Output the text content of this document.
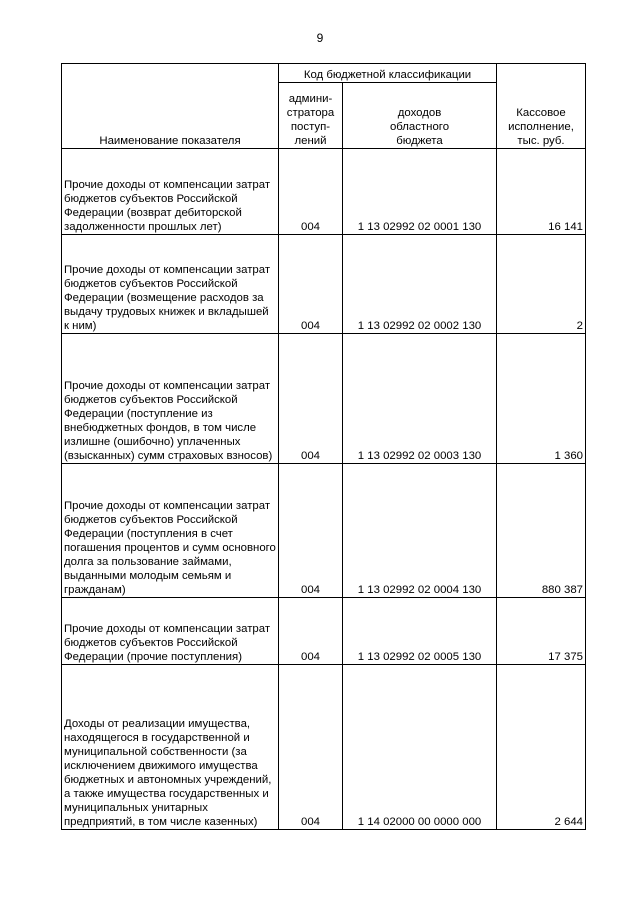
9
Наименование показателя	Код бюджетной классификации		Кассовое
исполнение,
тыс. руб.
	админи-
стратора
поступ-
лений	доходов
областного
бюджета	
Прочие доходы от компенсации затрат бюджетов субъектов Российской Федерации (возврат дебиторской задолженности прошлых лет)	004	1 13 02992 02 0001 130	16 141
Прочие доходы от компенсации затрат бюджетов субъектов Российской Федерации (возмещение расходов за выдачу трудовых книжек и вкладышей к ним)	004	1 13 02992 02 0002 130	2
Прочие доходы от компенсации затрат бюджетов субъектов Российской Федерации (поступление из внебюджетных фондов, в том числе излишне (ошибочно) уплаченных (взысканных) сумм страховых взносов)	004	1 13 02992 02 0003 130	1 360
Прочие доходы от компенсации затрат бюджетов субъектов Российской Федерации (поступления в счет погашения процентов и сумм основного долга за пользование займами, выданными молодым семьям и гражданам)	004	1 13 02992 02 0004 130	880 387
Прочие доходы от компенсации затрат бюджетов субъектов Российской Федерации (прочие поступления)	004	1 13 02992 02 0005 130	17 375
Доходы от реализации имущества, находящегося в государственной и муниципальной собственности (за исключением движимого имущества бюджетных и автономных учреждений, а также имущества государственных и муниципальных унитарных предприятий, в том числе казенных)	004	1 14 02000 00 0000 000	2 644
